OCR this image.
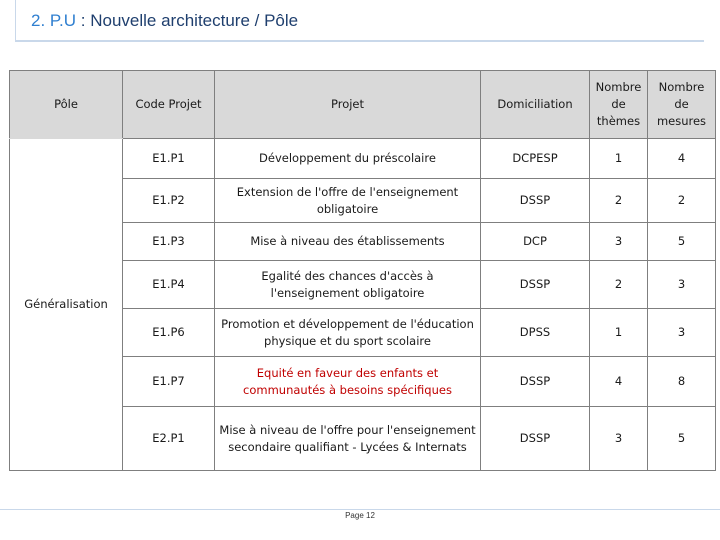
2. P.U : Nouvelle architecture / Pôle
Pôle	Code Projet	Projet	Domiciliation	Nombre de thèmes	Nombre de mesures
Généralisation	E1.P1	Développement du préscolaire	DCPESP	1	4
	E1.P2	Extension de l'offre de l'enseignement obligatoire	DSSP	2	2
	E1.P3	Mise à niveau des établissements	DCP	3	5
	E1.P4	Egalité des chances d'accès à l'enseignement obligatoire	DSSP	2	3
	E1.P6	Promotion et développement de l'éducation physique et du sport scolaire	DPSS	1	3
	E1.P7	Equité en faveur des enfants et communautés à besoins spécifiques	DSSP	4	8
	E2.P1	Mise à niveau de l'offre pour l'enseignement secondaire qualifiant - Lycées & Internats	DSSP	3	5
Page 12
